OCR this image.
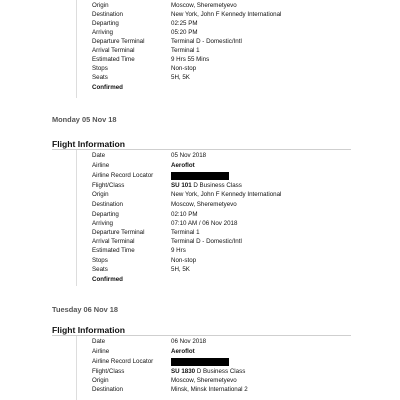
Origin	Moscow, Sheremetyevo
Destination	New York, John F Kennedy International
Departing	02:25 PM
Arriving	05:20 PM
Departure Terminal	Terminal D - Domestic/Intl
Arrival Terminal	Terminal 1
Estimated Time	9 Hrs 55 Mins
Stops	Non-stop
Seats	5H, 5K
Confirmed
Monday 05 Nov 18
Flight Information
Date	05 Nov 2018
Airline	Aeroflot
Airline Record Locator
Flight/Class	SU 101 D Business Class
Origin	New York, John F Kennedy International
Destination	Moscow, Sheremetyevo
Departing	02:10 PM
Arriving	07:10 AM / 06 Nov 2018
Departure Terminal	Terminal 1
Arrival Terminal	Terminal D - Domestic/Intl
Estimated Time	9 Hrs
Stops	Non-stop
Seats	5H, 5K
Confirmed
Tuesday 06 Nov 18
Flight Information
Date	06 Nov 2018
Airline	Aeroflot
Airline Record Locator
Flight/Class	SU 1830 D Business Class
Origin	Moscow, Sheremetyevo
Destination	Minsk, Minsk International 2
